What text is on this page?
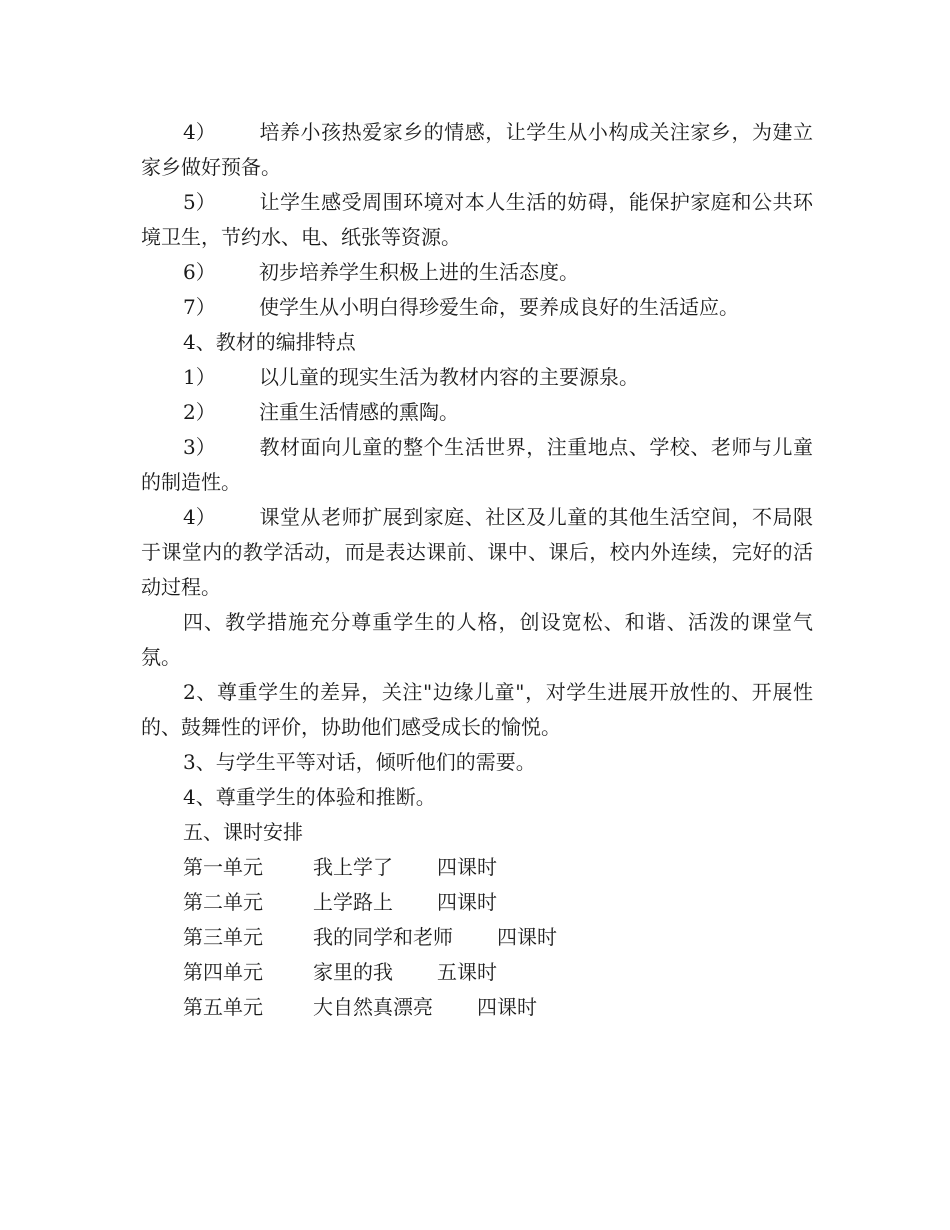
4） 培养小孩热爱家乡的情感，让学生从小构成关注家乡，为建立家乡做好预备。

5） 让学生感受周围环境对本人生活的妨碍，能保护家庭和公共环境卫生，节约水、电、纸张等资源。

6） 初步培养学生积极上进的生活态度。

7） 使学生从小明白得珍爱生命，要养成良好的生活适应。

4、教材的编排特点

1） 以儿童的现实生活为教材内容的主要源泉。

2） 注重生活情感的熏陶。

3） 教材面向儿童的整个生活世界，注重地点、学校、老师与儿童的制造性。

4） 课堂从老师扩展到家庭、社区及儿童的其他生活空间，不局限于课堂内的教学活动，而是表达课前、课中、课后，校内外连续，完好的活动过程。

四、教学措施充分尊重学生的人格，创设宽松、和谐、活泼的课堂气氛。

2、尊重学生的差异，关注"边缘儿童"，对学生进展开放性的、开展性的、鼓舞性的评价，协助他们感受成长的愉悦。

3、与学生平等对话，倾听他们的需要。

4、尊重学生的体验和推断。

五、课时安排

第一单元	我上学了 四课时

第二单元	上学路上 四课时

第三单元	我的同学和老师 四课时

第四单元	家里的我 五课时

第五单元	大自然真漂亮 四课时
